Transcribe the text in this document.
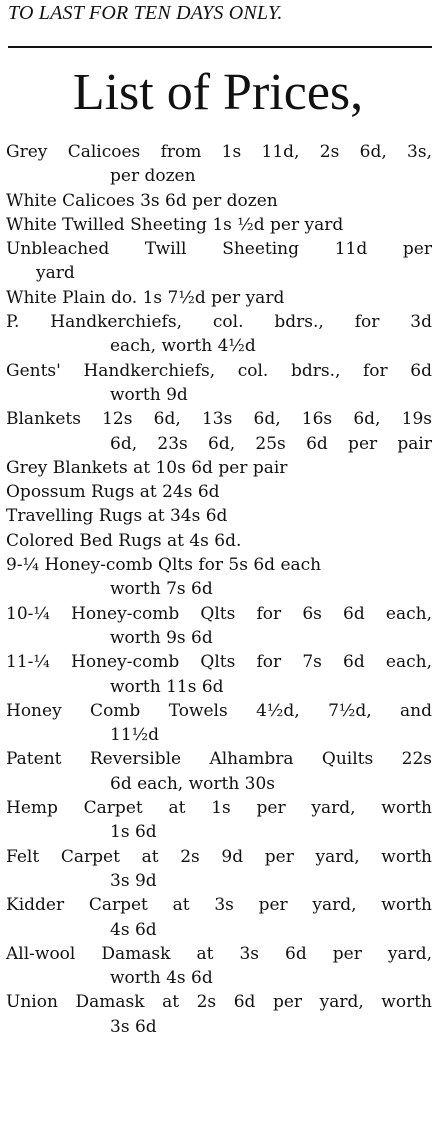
TO LAST FOR TEN DAYS ONLY.
List of Prices,
Grey Calicoes from 1s 11d, 2s 6d, 3s,
per dozen
White Calicoes 3s 6d per dozen
White Twilled Sheeting 1s ½d per yard
Unbleached Twill Sheeting 11d per
yard
White Plain do. 1s 7½d per yard
P. Handkerchiefs, col. bdrs., for 3d
each, worth 4½d
Gents' Handkerchiefs, col. bdrs., for 6d
worth 9d
Blankets 12s 6d, 13s 6d, 16s 6d, 19s
6d, 23s 6d, 25s 6d per pair
Grey Blankets at 10s 6d per pair
Opossum Rugs at 24s 6d
Travelling Rugs at 34s 6d
Colored Bed Rugs at 4s 6d.
9-¼ Honey-comb Qlts for 5s 6d each
worth 7s 6d
10-¼ Honey-comb Qlts for 6s 6d each,
worth 9s 6d
11-¼ Honey-comb Qlts for 7s 6d each,
worth 11s 6d
Honey Comb Towels 4½d, 7½d, and
11½d
Patent Reversible Alhambra Quilts 22s
6d each, worth 30s
Hemp Carpet at 1s per yard, worth
1s 6d
Felt Carpet at 2s 9d per yard, worth
3s 9d
Kidder Carpet at 3s per yard, worth
4s 6d
All-wool Damask at 3s 6d per yard,
worth 4s 6d
Union Damask at 2s 6d per yard, worth
3s 6d
